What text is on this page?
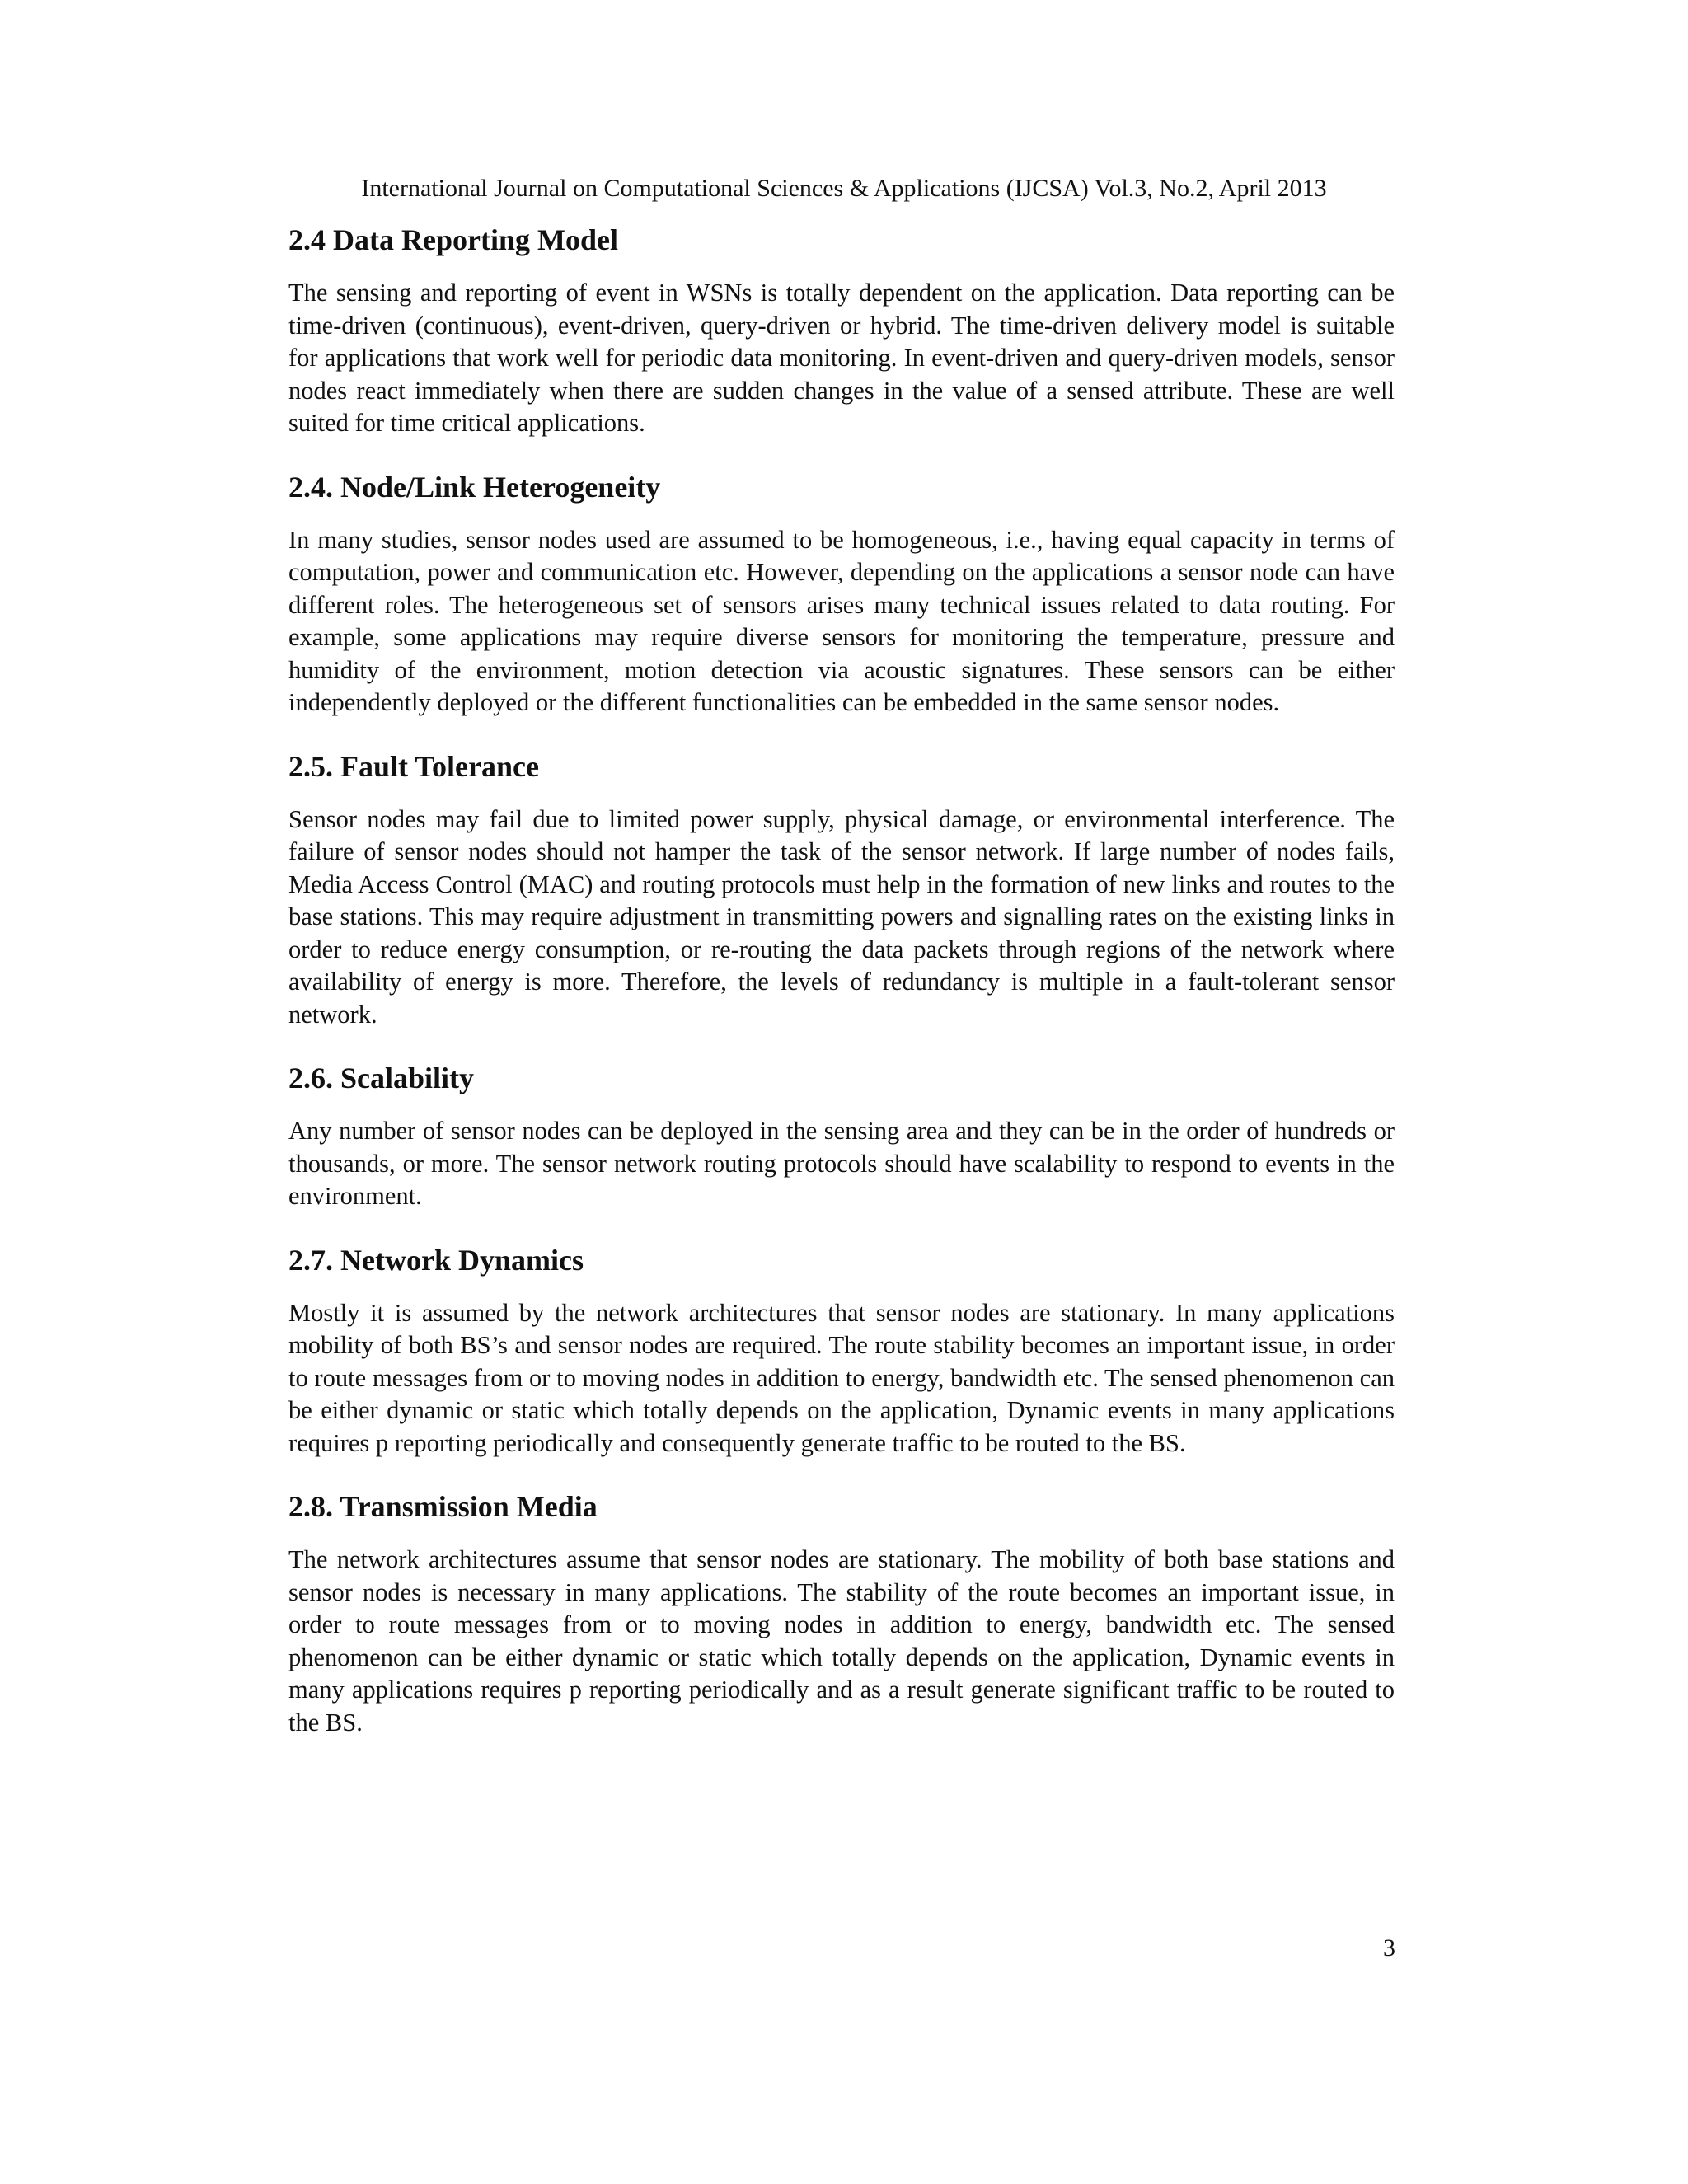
International Journal on Computational Sciences & Applications (IJCSA) Vol.3, No.2, April 2013
2.4 Data Reporting Model

The sensing and reporting of event in WSNs is totally dependent on the application. Data reporting can be time-driven (continuous), event-driven, query-driven or hybrid. The time-driven delivery model is suitable for applications that work well for periodic data monitoring. In event-driven and query-driven models, sensor nodes react immediately when there are sudden changes in the value of a sensed attribute. These are well suited for time critical applications.

2.4. Node/Link Heterogeneity

In many studies, sensor nodes used are assumed to be homogeneous, i.e., having equal capacity in terms of computation, power and communication etc. However, depending on the applications a sensor node can have different roles. The heterogeneous set of sensors arises many technical issues related to data routing. For example, some applications may require diverse sensors for monitoring the temperature, pressure and humidity of the environment, motion detection via acoustic signatures. These sensors can be either independently deployed or the different functionalities can be embedded in the same sensor nodes.

2.5. Fault Tolerance

Sensor nodes may fail due to limited power supply, physical damage, or environmental interference. The failure of sensor nodes should not hamper the task of the sensor network. If large number of nodes fails, Media Access Control (MAC) and routing protocols must help in the formation of new links and routes to the base stations. This may require adjustment in transmitting powers and signalling rates on the existing links in order to reduce energy consumption, or re-routing the data packets through regions of the network where availability of energy is more. Therefore, the levels of redundancy is multiple in a fault-tolerant sensor network.

2.6. Scalability

Any number of sensor nodes can be deployed in the sensing area and they can be in the order of hundreds or thousands, or more. The sensor network routing protocols should have scalability to respond to events in the environment.

2.7. Network Dynamics

Mostly it is assumed by the network architectures that sensor nodes are stationary. In many applications mobility of both BS’s and sensor nodes are required. The route stability becomes an important issue, in order to route messages from or to moving nodes in addition to energy, bandwidth etc. The sensed phenomenon can be either dynamic or static which totally depends on the application, Dynamic events in many applications requires p reporting periodically and consequently generate traffic to be routed to the BS.

2.8. Transmission Media

The network architectures assume that sensor nodes are stationary. The mobility of both base stations and sensor nodes is necessary in many applications. The stability of the route becomes an important issue, in order to route messages from or to moving nodes in addition to energy, bandwidth etc. The sensed phenomenon can be either dynamic or static which totally depends on the application, Dynamic events in many applications requires p reporting periodically and as a result generate significant traffic to be routed to the BS.

3
